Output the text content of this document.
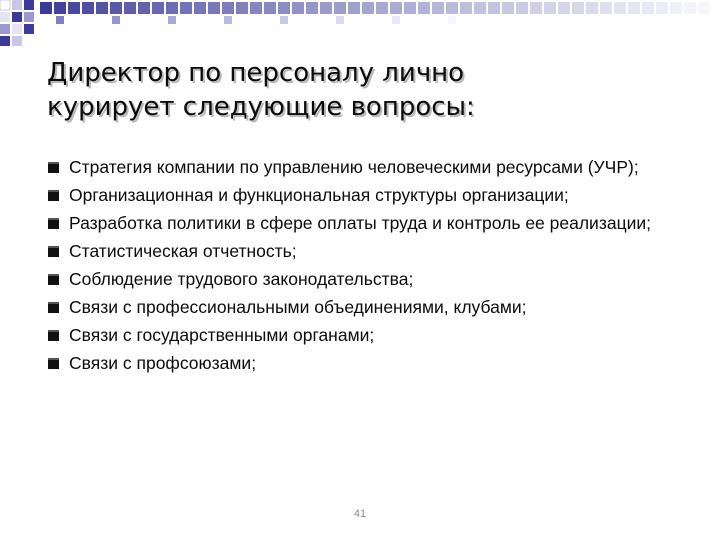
Директор по персоналу лично
курирует следующие вопросы:
Стратегия компании по управлению человеческими ресурсами (УЧР);
Организационная и функциональная структуры организации;
Разработка политики в сфере оплаты труда и контроль ее реализации;
Статистическая отчетность;
Соблюдение трудового законодательства;
Связи с профессиональными объединениями, клубами;
Связи с государственными органами;
Связи с профсоюзами;
41
